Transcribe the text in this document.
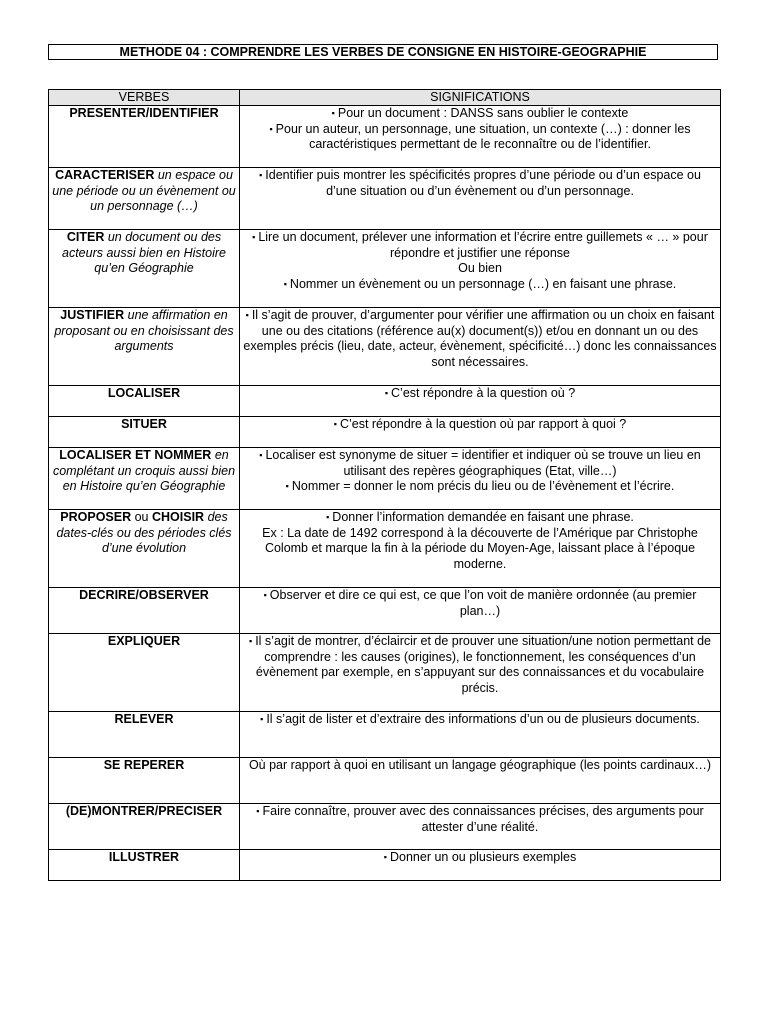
METHODE 04 : COMPRENDRE LES VERBES DE CONSIGNE EN HISTOIRE-GEOGRAPHIE
VERBES	SIGNIFICATIONS
PRESENTER/IDENTIFIER	▪ Pour un document : DANSS sans oublier le contexte
▪ Pour un auteur, un personnage, une situation, un contexte (…) : donner les caractéristiques permettant de le reconnaître ou de l’identifier.

CARACTERISER un espace ou une période ou un évènement ou un personnage (…)	▪ Identifier puis montrer les spécificités propres d’une période ou d’un espace ou d’une situation ou d’un évènement ou d’un personnage.

CITER un document ou des acteurs aussi bien en Histoire qu’en Géographie	▪ Lire un document, prélever une information et l’écrire entre guillemets « … » pour répondre et justifier une réponse
Ou bien
▪ Nommer un évènement ou un personnage (…) en faisant une phrase.

JUSTIFIER une affirmation en proposant ou en choisissant des arguments	▪ Il s’agit de prouver, d’argumenter pour vérifier une affirmation ou un choix en faisant une ou des citations (référence au(x) document(s)) et/ou en donnant un ou des exemples précis (lieu, date, acteur, évènement, spécificité…) donc les connaissances sont nécessaires.

LOCALISER	▪ C’est répondre à la question où ?

SITUER	▪ C’est répondre à la question où par rapport à quoi ?

LOCALISER ET NOMMER en complétant un croquis aussi bien en Histoire qu’en Géographie	▪ Localiser est synonyme de situer = identifier et indiquer où se trouve un lieu en utilisant des repères géographiques (Etat, ville…)
▪ Nommer = donner le nom précis du lieu ou de l’évènement et l’écrire.

PROPOSER ou CHOISIR des dates-clés ou des périodes clés d’une évolution	▪ Donner l’information demandée en faisant une phrase.
Ex : La date de 1492 correspond à la découverte de l’Amérique par Christophe Colomb et marque la fin à la période du Moyen-Age, laissant place à l’époque moderne.

DECRIRE/OBSERVER	▪ Observer et dire ce qui est, ce que l’on voit de manière ordonnée (au premier plan…)

EXPLIQUER	▪ Il s’agit de montrer, d’éclaircir et de prouver une situation/une notion permettant de comprendre : les causes (origines), le fonctionnement, les conséquences d’un évènement par exemple, en s’appuyant sur des connaissances et du vocabulaire précis.

RELEVER	▪ Il s’agit de lister et d’extraire des informations d’un ou de plusieurs documents.

SE REPERER	Où par rapport à quoi en utilisant un langage géographique (les points cardinaux…)

(DE)MONTRER/PRECISER	▪ Faire connaître, prouver avec des connaissances précises, des arguments pour attester d’une réalité.

ILLUSTRER	▪ Donner un ou plusieurs exemples
